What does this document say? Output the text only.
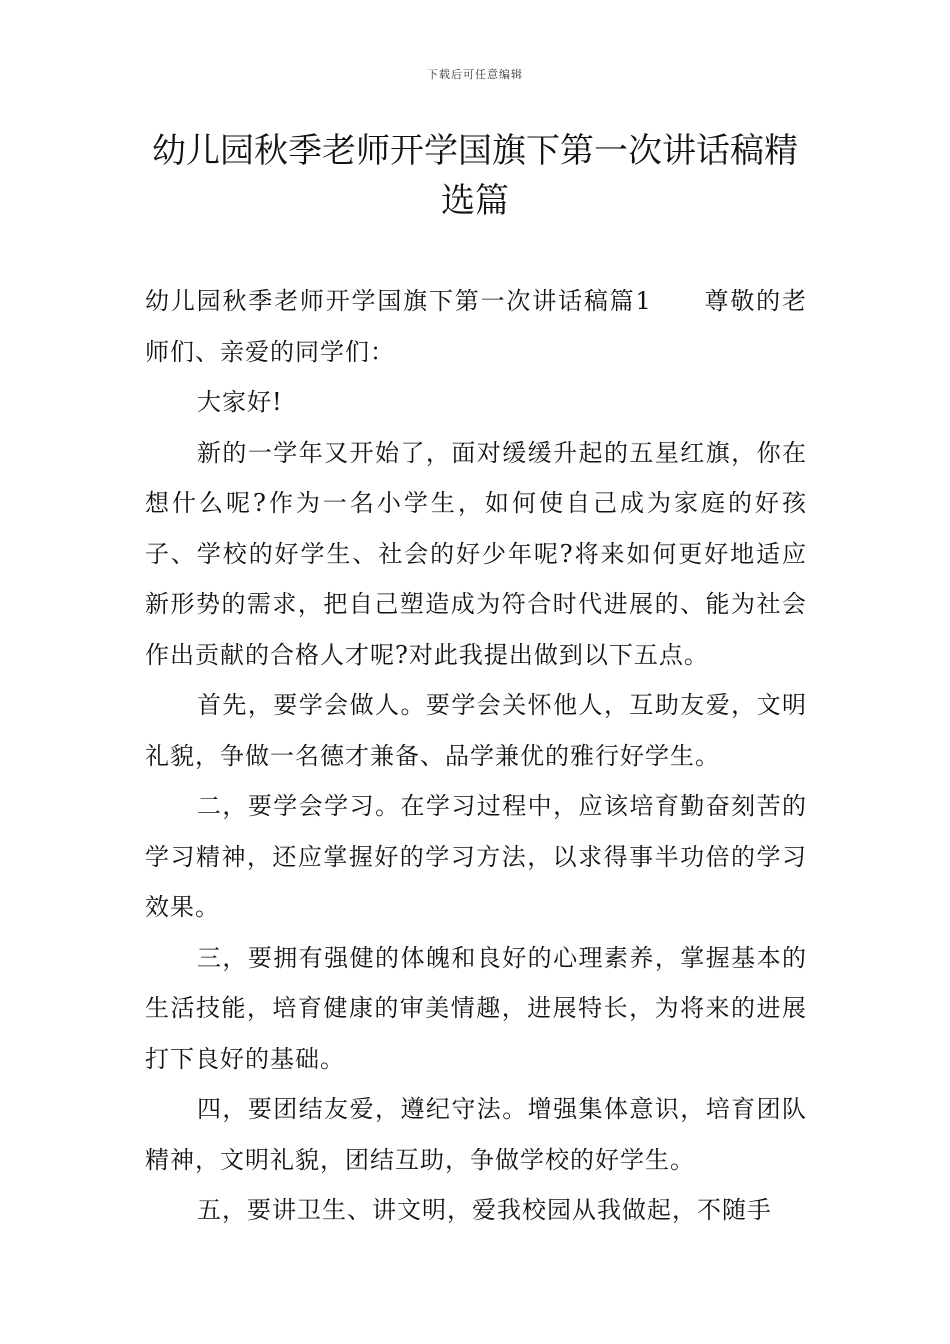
下载后可任意编辑
幼儿园秋季老师开学国旗下第一次讲话稿精选篇

幼儿园秋季老师开学国旗下第一次讲话稿篇1 尊敬的老师们、亲爱的同学们：

大家好!

新的一学年又开始了，面对缓缓升起的五星红旗，你在想什么呢?作为一名小学生，如何使自己成为家庭的好孩子、学校的好学生、社会的好少年呢?将来如何更好地适应新形势的需求，把自己塑造成为符合时代进展的、能为社会作出贡献的合格人才呢?对此我提出做到以下五点。

首先，要学会做人。要学会关怀他人，互助友爱，文明礼貌，争做一名德才兼备、品学兼优的雅行好学生。

二，要学会学习。在学习过程中，应该培育勤奋刻苦的学习精神，还应掌握好的学习方法，以求得事半功倍的学习效果。

三，要拥有强健的体魄和良好的心理素养，掌握基本的生活技能，培育健康的审美情趣，进展特长，为将来的进展打下良好的基础。

四，要团结友爱，遵纪守法。增强集体意识，培育团队精神，文明礼貌，团结互助，争做学校的好学生。

五，要讲卫生、讲文明，爱我校园从我做起，不随手
